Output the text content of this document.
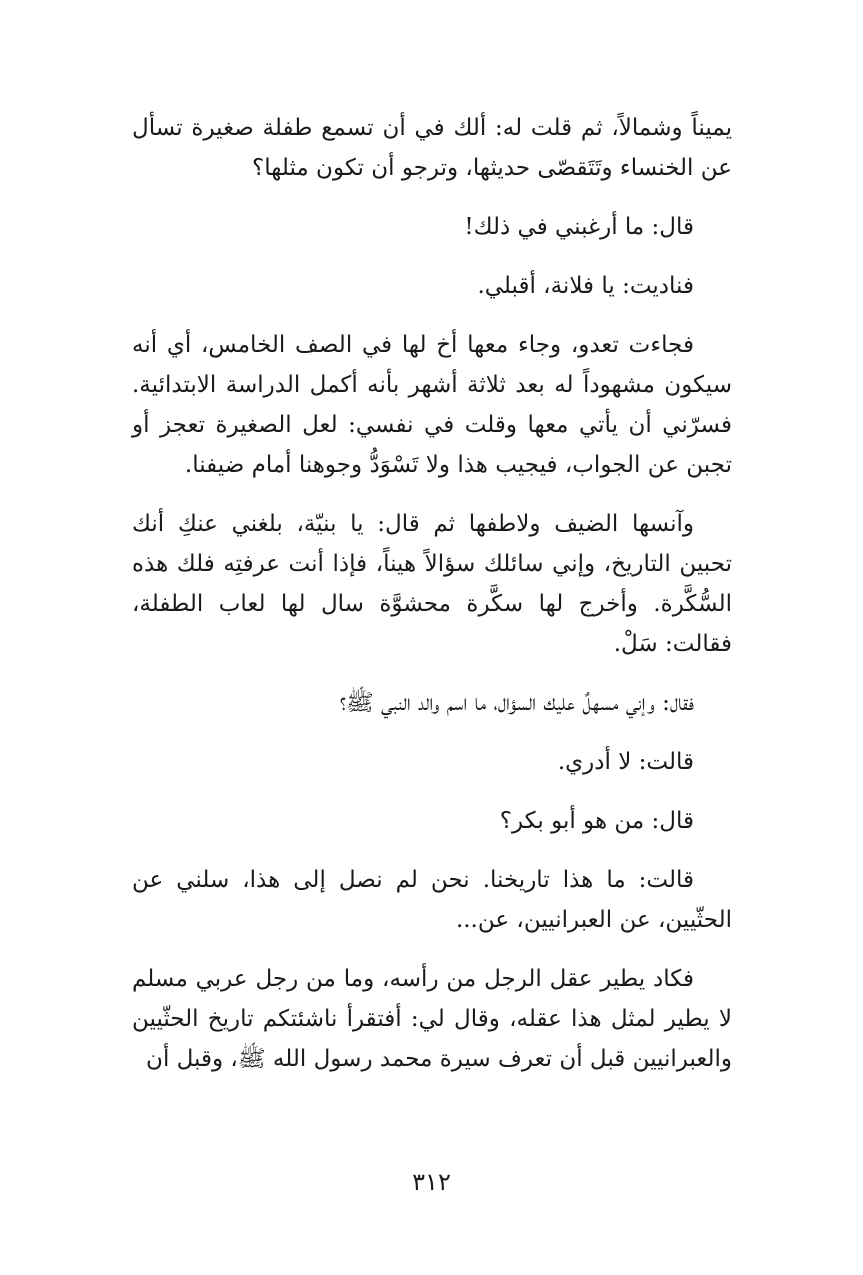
يميناً وشمالاً، ثم قلت له: ألك في أن تسمع طفلة صغيرة تسأل عن الخنساء وتَتَقصّى حديثها، وترجو أن تكون مثلها؟

قال: ما أرغبني في ذلك!

فناديت: يا فلانة، أقبلي.

فجاءت تعدو، وجاء معها أخ لها في الصف الخامس، أي أنه سيكون مشهوداً له بعد ثلاثة أشهر بأنه أكمل الدراسة الابتدائية. فسرّني أن يأتي معها وقلت في نفسي: لعل الصغيرة تعجز أو تجبن عن الجواب، فيجيب هذا ولا تَسْوَدُّ وجوهنا أمام ضيفنا.

وآنسها الضيف ولاطفها ثم قال: يا بنيّة، بلغني عنكِ أنك تحبين التاريخ، وإني سائلك سؤالاً هيناً، فإذا أنت عرفتِه فلك هذه السُّكَّرة. وأخرج لها سكَّرة محشوَّة سال لها لعاب الطفلة، فقالت: سَلْ.

فقال: وإني مسهلٌ عليك السؤال، ما اسم والد النبي ﷺ؟

قالت: لا أدري.

قال: من هو أبو بكر؟

قالت: ما هذا تاريخنا. نحن لم نصل إلى هذا، سلني عن الحثّيين، عن العبرانيين، عن...

فكاد يطير عقل الرجل من رأسه، وما من رجل عربي مسلم لا يطير لمثل هذا عقله، وقال لي: أفتقرأ ناشئتكم تاريخ الحثّيين والعبرانيين قبل أن تعرف سيرة محمد رسول الله ﷺ، وقبل أن

٣١٢
